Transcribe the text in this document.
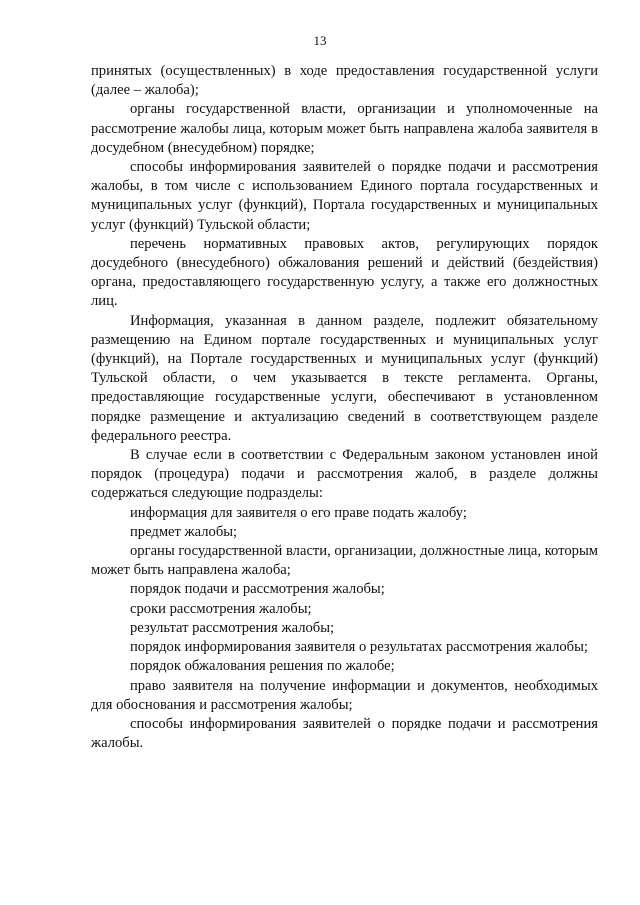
13

принятых (осуществленных) в ходе предоставления государственной услуги (далее – жалоба);

органы государственной власти, организации и уполномоченные на рассмотрение жалобы лица, которым может быть направлена жалоба заявителя в досудебном (внесудебном) порядке;

способы информирования заявителей о порядке подачи и рассмотрения жалобы, в том числе с использованием Единого портала государственных и муниципальных услуг (функций), Портала государственных и муниципальных услуг (функций) Тульской области;

перечень нормативных правовых актов, регулирующих порядок досудебного (внесудебного) обжалования решений и действий (бездействия) органа, предоставляющего государственную услугу, а также его должностных лиц.

Информация, указанная в данном разделе, подлежит обязательному размещению на Едином портале государственных и муниципальных услуг (функций), на Портале государственных и муниципальных услуг (функций) Тульской области, о чем указывается в тексте регламента. Органы, предоставляющие государственные услуги, обеспечивают в установленном порядке размещение и актуализацию сведений в соответствующем разделе федерального реестра.

В случае если в соответствии с Федеральным законом установлен иной порядок (процедура) подачи и рассмотрения жалоб, в разделе должны содержаться следующие подразделы:

информация для заявителя о его праве подать жалобу;

предмет жалобы;

органы государственной власти, организации, должностные лица, которым может быть направлена жалоба;

порядок подачи и рассмотрения жалобы;

сроки рассмотрения жалобы;

результат рассмотрения жалобы;

порядок информирования заявителя о результатах рассмотрения жалобы;

порядок обжалования решения по жалобе;

право заявителя на получение информации и документов, необходимых для обоснования и рассмотрения жалобы;

способы информирования заявителей о порядке подачи и рассмотрения жалобы.
